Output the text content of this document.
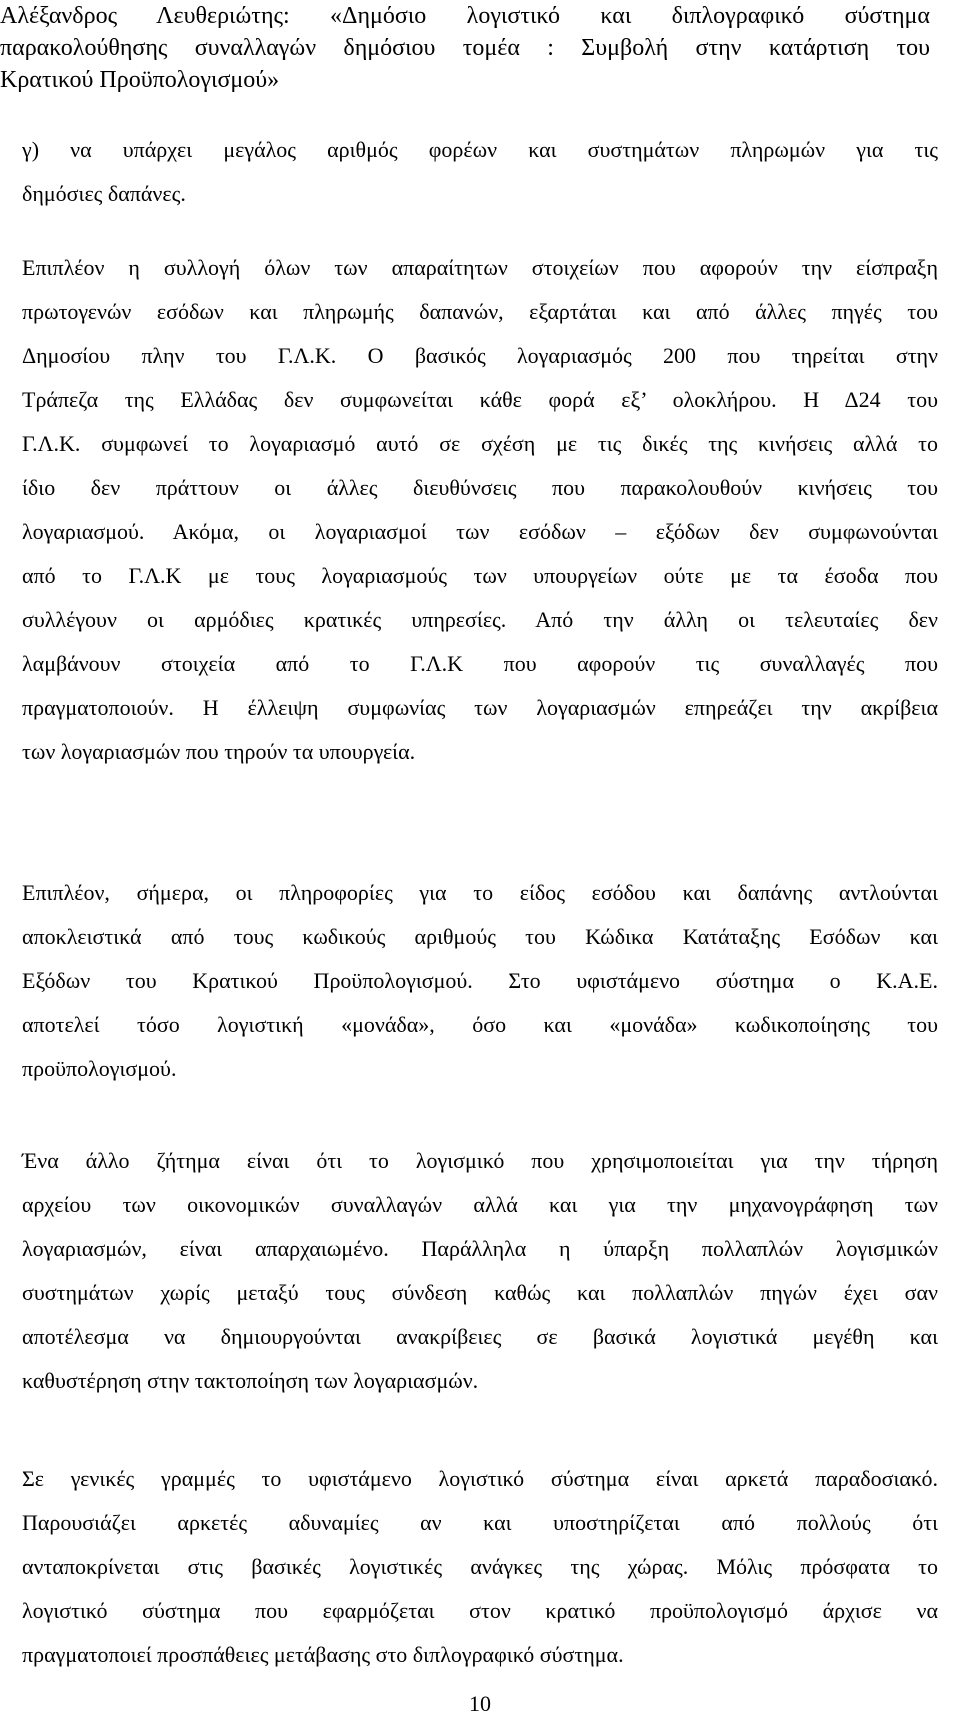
Αλέξανδρος Λευθεριώτης: «Δημόσιο λογιστικό και διπλογραφικό σύστημα
παρακολούθησης συναλλαγών δημόσιου τομέα : Συμβολή στην κατάρτιση του
Κρατικού Προϋπολογισμού»

γ) να υπάρχει μεγάλος αριθμός φορέων και συστημάτων πληρωμών για τις
δημόσιες δαπάνες.

Επιπλέον η συλλογή όλων των απαραίτητων στοιχείων που αφορούν την είσπραξη
πρωτογενών εσόδων και πληρωμής δαπανών, εξαρτάται και από άλλες πηγές του
Δημοσίου πλην του Γ.Λ.Κ. Ο βασικός λογαριασμός 200 που τηρείται στην
Τράπεζα της Ελλάδας δεν συμφωνείται κάθε φορά εξ’ ολοκλήρου. Η Δ24 του
Γ.Λ.Κ. συμφωνεί το λογαριασμό αυτό σε σχέση με τις δικές της κινήσεις αλλά το
ίδιο δεν πράττουν οι άλλες διευθύνσεις που παρακολουθούν κινήσεις του
λογαριασμού. Ακόμα, οι λογαριασμοί των εσόδων – εξόδων δεν συμφωνούνται
από το Γ.Λ.Κ με τους λογαριασμούς των υπουργείων ούτε με τα έσοδα που
συλλέγουν οι αρμόδιες κρατικές υπηρεσίες. Από την άλλη οι τελευταίες δεν
λαμβάνουν στοιχεία από το Γ.Λ.Κ που αφορούν τις συναλλαγές που
πραγματοποιούν. Η έλλειψη συμφωνίας των λογαριασμών επηρεάζει την ακρίβεια
των λογαριασμών που τηρούν τα υπουργεία.

Επιπλέον, σήμερα, οι πληροφορίες για το είδος εσόδου και δαπάνης αντλούνται
αποκλειστικά από τους κωδικούς αριθμούς του Κώδικα Κατάταξης Εσόδων και
Εξόδων του Κρατικού Προϋπολογισμού. Στο υφιστάμενο σύστημα ο Κ.Α.Ε.
αποτελεί τόσο λογιστική «μονάδα», όσο και «μονάδα» κωδικοποίησης του
προϋπολογισμού.

Ένα άλλο ζήτημα είναι ότι το λογισμικό που χρησιμοποιείται για την τήρηση
αρχείου των οικονομικών συναλλαγών αλλά και για την μηχανογράφηση των
λογαριασμών, είναι απαρχαιωμένο. Παράλληλα η ύπαρξη πολλαπλών λογισμικών
συστημάτων χωρίς μεταξύ τους σύνδεση καθώς και πολλαπλών πηγών έχει σαν
αποτέλεσμα να δημιουργούνται ανακρίβειες σε βασικά λογιστικά μεγέθη και
καθυστέρηση στην τακτοποίηση των λογαριασμών.

Σε γενικές γραμμές το υφιστάμενο λογιστικό σύστημα είναι αρκετά παραδοσιακό.
Παρουσιάζει αρκετές αδυναμίες αν και υποστηρίζεται από πολλούς ότι
ανταποκρίνεται στις βασικές λογιστικές ανάγκες της χώρας. Μόλις πρόσφατα το
λογιστικό σύστημα που εφαρμόζεται στον κρατικό προϋπολογισμό άρχισε να
πραγματοποιεί προσπάθειες μετάβασης στο διπλογραφικό σύστημα.

10
